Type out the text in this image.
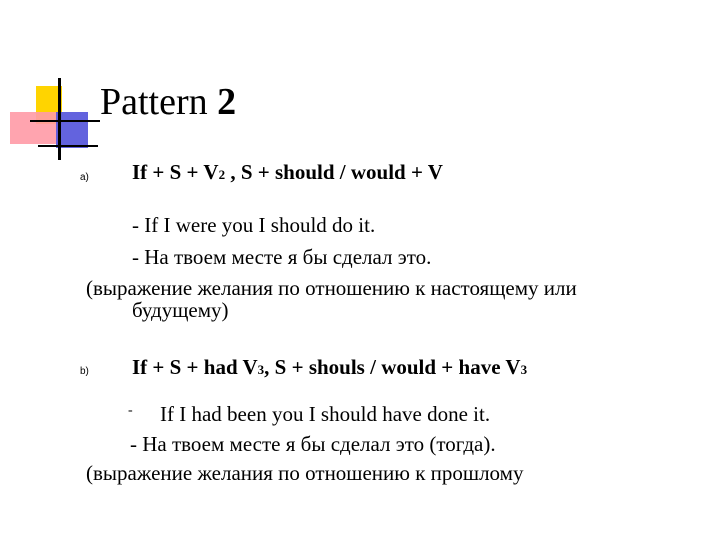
Pattern 2
a) If + S + V2 , S + should / would + V
- If I were you I should do it.
- На твоем месте я бы сделал это.
(выражение желания по отношению к настоящему или
будущему)
b) If + S + had V3, S + shouls / would + have V3
- If I had been you I should have done it.
- На твоем месте я бы сделал это (тогда).
(выражение желания по отношению к прошлому
